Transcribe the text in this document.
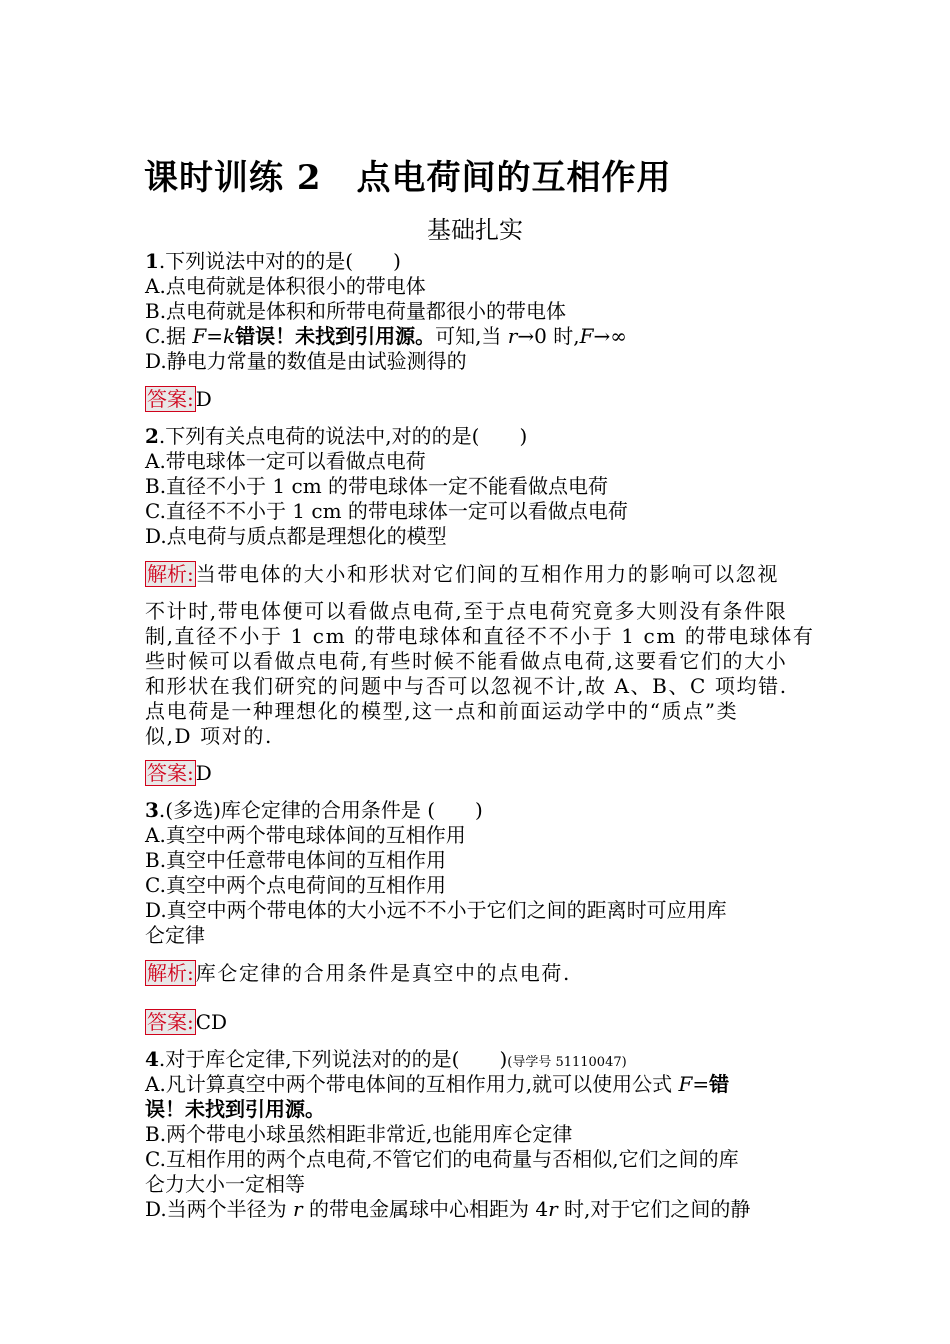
课时训练 2　点电荷间的互相作用
基础扎实
1.下列说法中对的的是(　　)
A.点电荷就是体积很小的带电体
B.点电荷就是体积和所带电荷量都很小的带电体
C.据 F=k错误！未找到引用源。可知,当 r→0 时,F→∞
D.静电力常量的数值是由试验测得的
答案: D
2.下列有关点电荷的说法中,对的的是(　　)
A.带电球体一定可以看做点电荷
B.直径不小于 1 cm 的带电球体一定不能看做点电荷
C.直径不不小于 1 cm 的带电球体一定可以看做点电荷
D.点电荷与质点都是理想化的模型
解析: 当带电体的大小和形状对它们间的互相作用力的影响可以忽视
不计时,带电体便可以看做点电荷,至于点电荷究竟多大则没有条件限
制,直径不小于 1 cm 的带电球体和直径不不小于 1 cm 的带电球体有
些时候可以看做点电荷,有些时候不能看做点电荷,这要看它们的大小
和形状在我们研究的问题中与否可以忽视不计,故 A、B、C 项均错.
点电荷是一种理想化的模型,这一点和前面运动学中的“质点”类
似,D 项对的.
答案: D
3.(多选)库仑定律的合用条件是 (　　)
A.真空中两个带电球体间的互相作用
B.真空中任意带电体间的互相作用
C.真空中两个点电荷间的互相作用
D.真空中两个带电体的大小远不不小于它们之间的距离时可应用库
仑定律
解析: 库仑定律的合用条件是真空中的点电荷.
答案: CD
4.对于库仑定律,下列说法对的的是(　　)(导学号 51110047)
A.凡计算真空中两个带电体间的互相作用力,就可以使用公式 F=错
误！未找到引用源。
B.两个带电小球虽然相距非常近,也能用库仑定律
C.互相作用的两个点电荷,不管它们的电荷量与否相似,它们之间的库
仑力大小一定相等
D.当两个半径为 r 的带电金属球中心相距为 4r 时,对于它们之间的静
